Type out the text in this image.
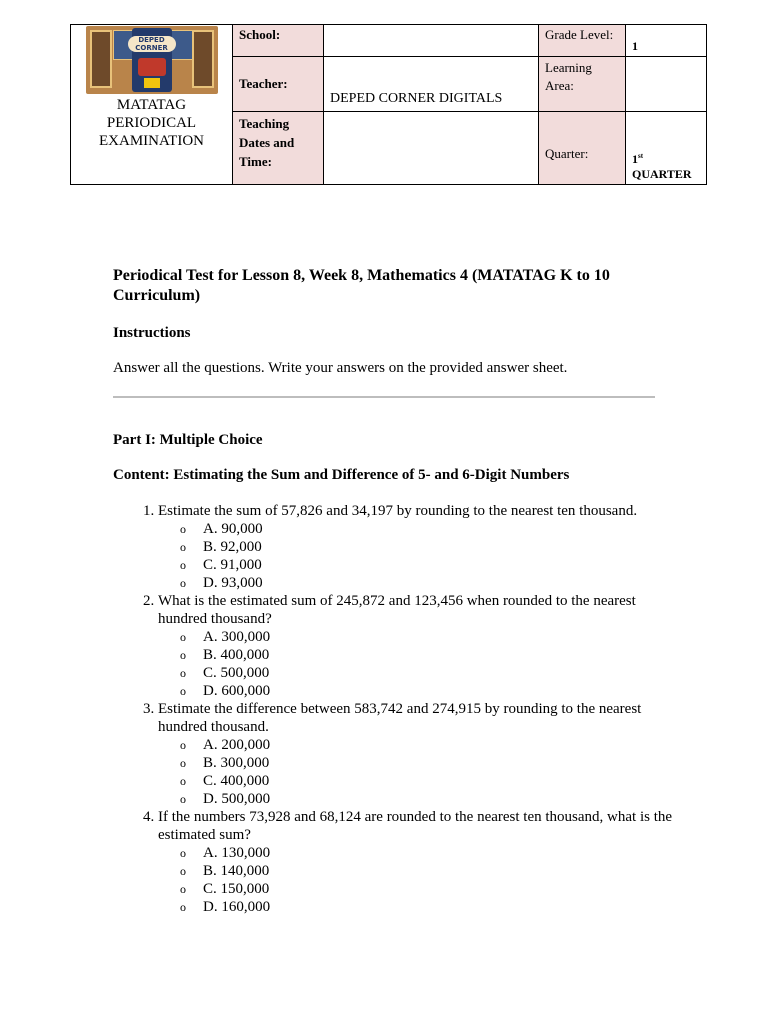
DEPED CORNER
MATATAG PERIODICAL EXAMINATION	School:		Grade Level:	1
	Teacher:	DEPED CORNER DIGITALS	Learning Area:	
	Teaching Dates and Time:		Quarter:	1st
QUARTER

Periodical Test for Lesson 8, Week 8, Mathematics 4 (MATATAG K to 10 Curriculum)

Instructions

Answer all the questions. Write your answers on the provided answer sheet.

Part I: Multiple Choice

Content: Estimating the Sum and Difference of 5- and 6-Digit Numbers

1. Estimate the sum of 57,826 and 34,197 by rounding to the nearest ten thousand.
o A. 90,000
o B. 92,000
o C. 91,000
o D. 93,000
2. What is the estimated sum of 245,872 and 123,456 when rounded to the nearest hundred thousand?
o A. 300,000
o B. 400,000
o C. 500,000
o D. 600,000
3. Estimate the difference between 583,742 and 274,915 by rounding to the nearest hundred thousand.
o A. 200,000
o B. 300,000
o C. 400,000
o D. 500,000
4. If the numbers 73,928 and 68,124 are rounded to the nearest ten thousand, what is the estimated sum?
o A. 130,000
o B. 140,000
o C. 150,000
o D. 160,000
